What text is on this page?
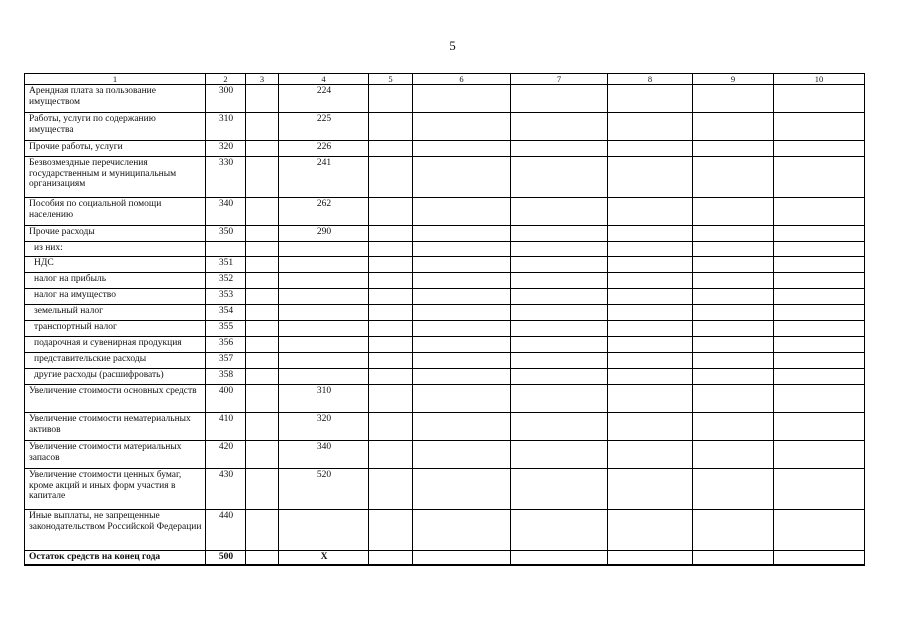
5
1	2	3	4	5	6	7	8	9	10
Арендная плата за пользование имуществом	300		224						
Работы, услуги по содержанию имущества	310		225						
Прочие работы, услуги	320		226						
Безвозмездные перечисления государственным и муниципальным организациям	330		241						
Пособия по социальной помощи населению	340		262						
Прочие расходы	350		290						
из них:									
НДС	351								
налог на прибыль	352								
налог на имущество	353								
земельный налог	354								
транспортный налог	355								
подарочная и сувенирная продукция	356								
представительские расходы	357								
другие расходы (расшифровать)	358								
Увеличение стоимости основных средств	400		310						
Увеличение стоимости нематериальных активов	410		320						
Увеличение стоимости материальных запасов	420		340						
Увеличение стоимости ценных бумаг, кроме акций и иных форм участия в капитале	430		520						
Иные выплаты, не запрещенные законодательством Российской Федерации	440								
Остаток средств на конец года	500		X						
